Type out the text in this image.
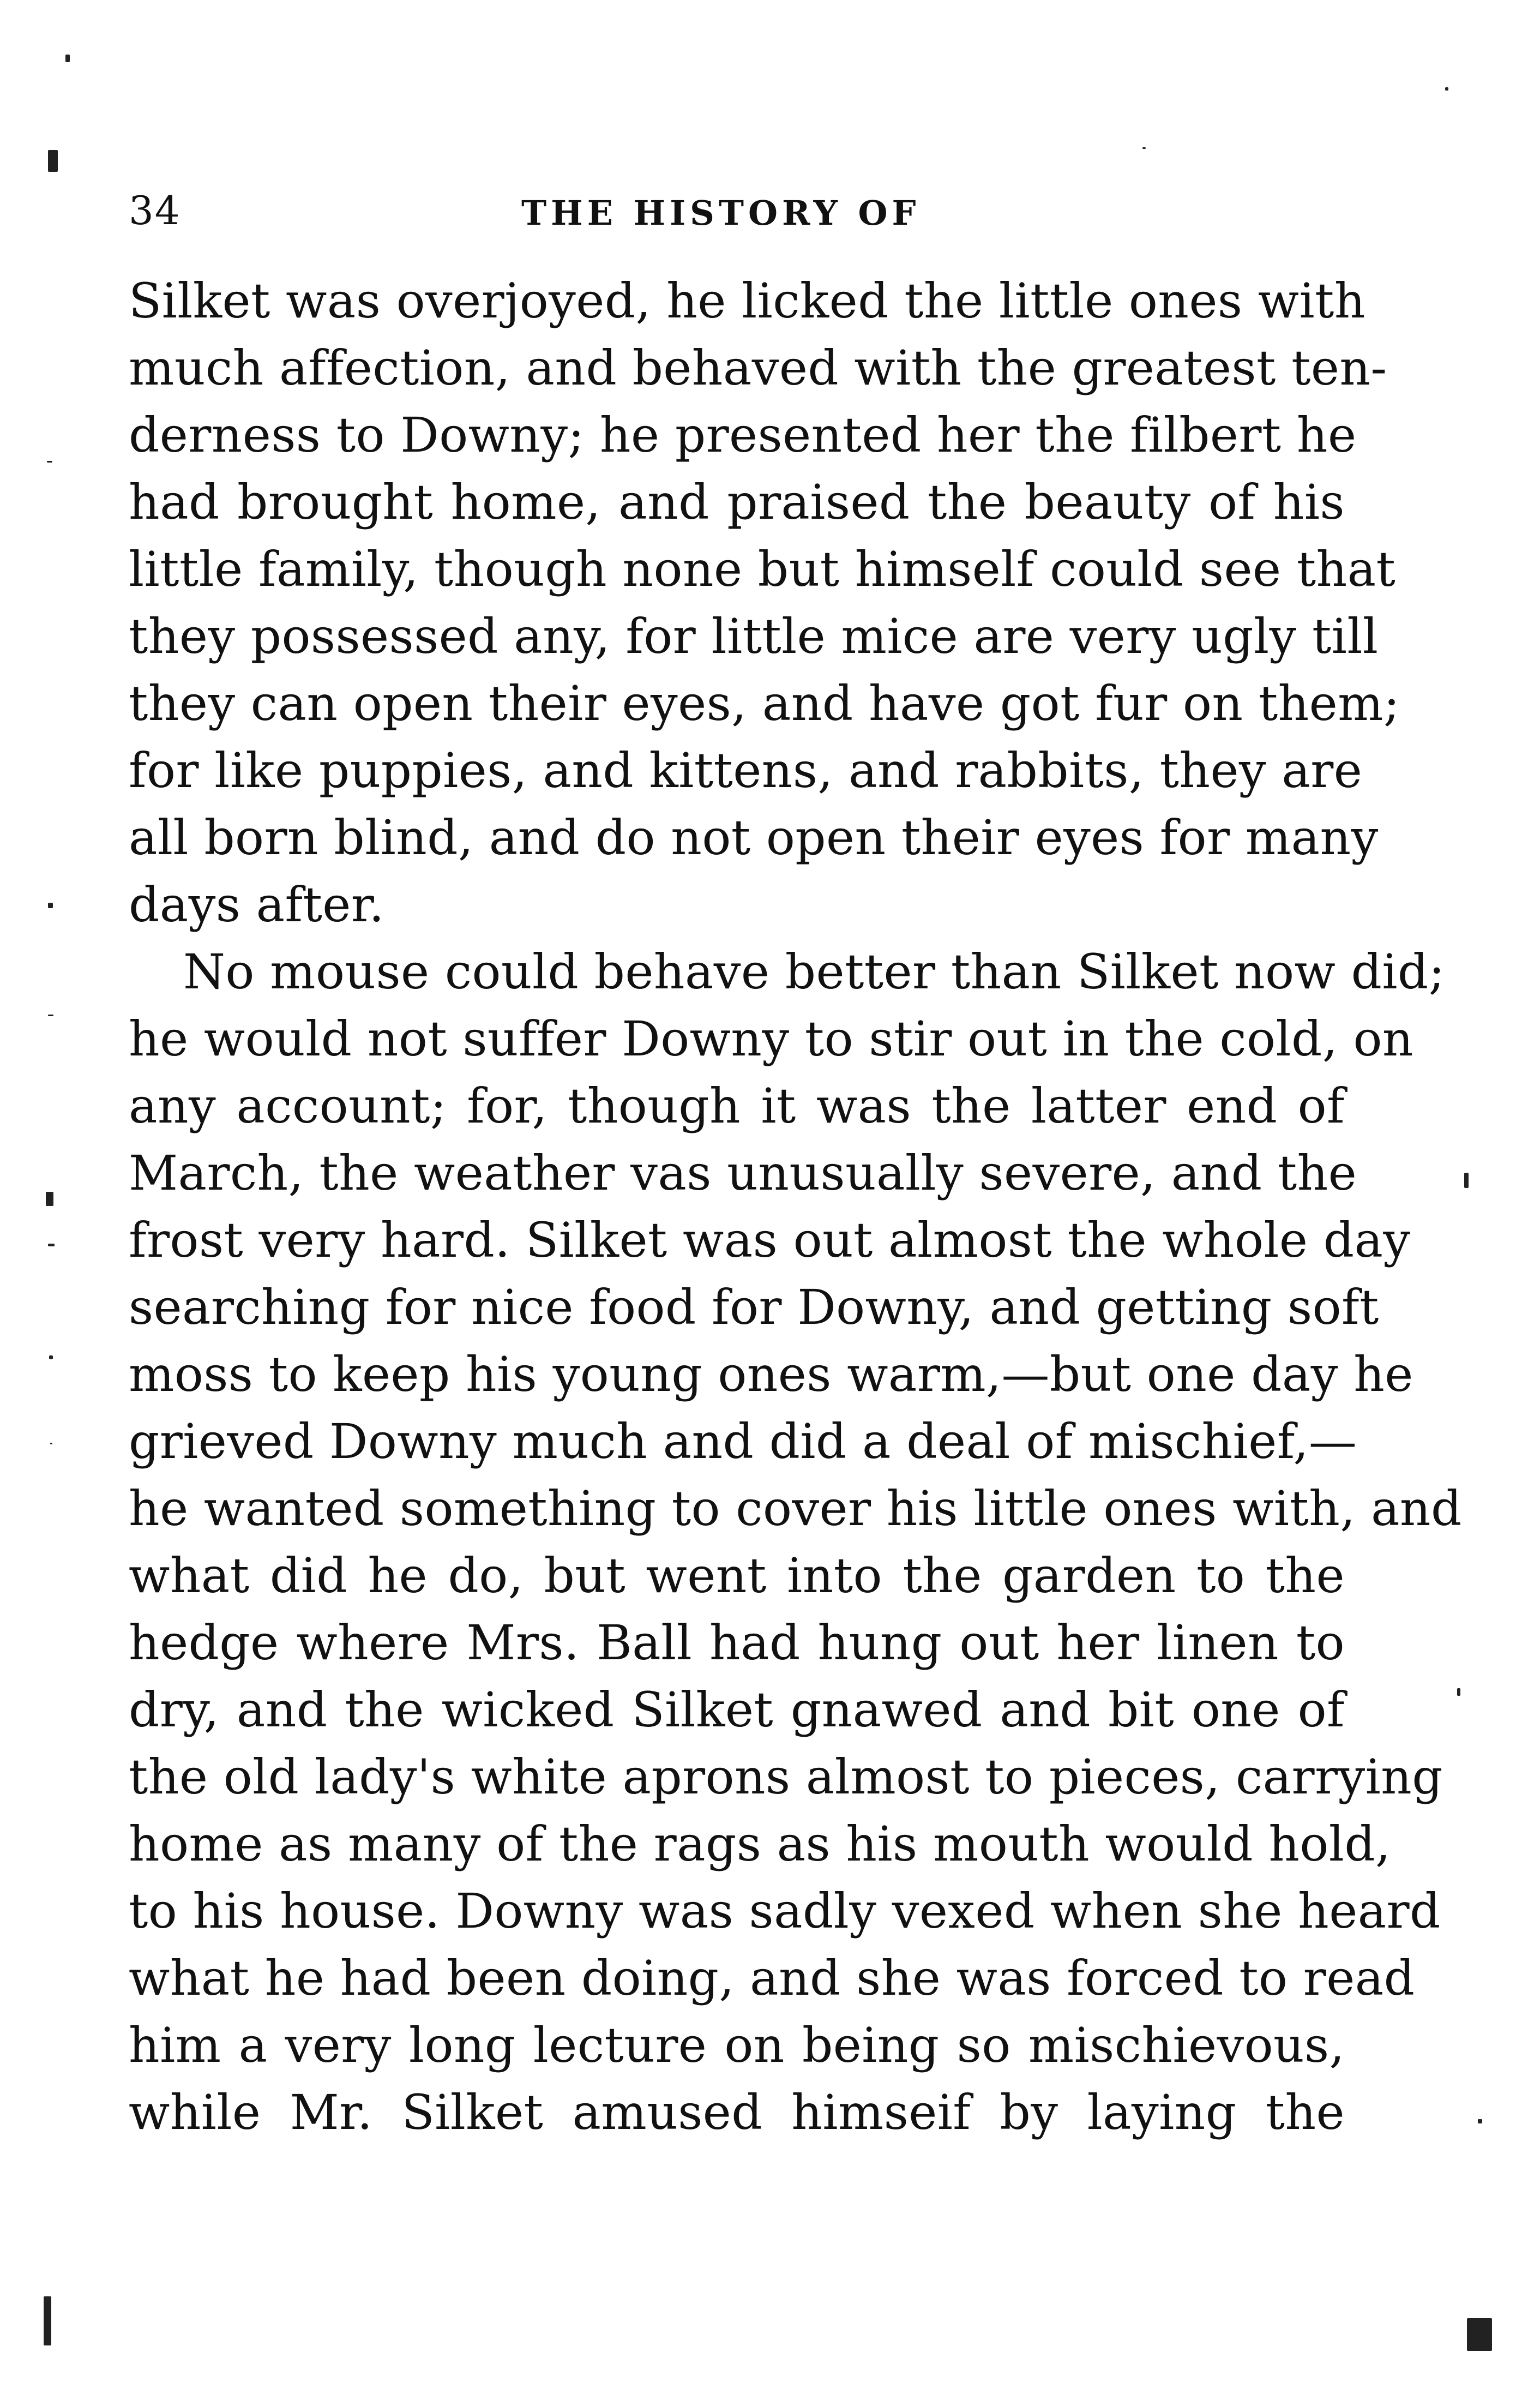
34	THE HISTORY OF
Silket was overjoyed, he licked the little ones with
much affection, and behaved with the greatest ten-
derness to Downy; he presented her the filbert he
had brought home, and praised the beauty of his
little family, though none but himself could see that
they possessed any, for little mice are very ugly till
they can open their eyes, and have got fur on them;
for like puppies, and kittens, and rabbits, they are
all born blind, and do not open their eyes for many
days after.
No mouse could behave better than Silket now did;
he would not suffer Downy to stir out in the cold, on
any account; for, though it was the latter end of
March, the weather vas unusually severe, and the
frost very hard. Silket was out almost the whole day
searching for nice food for Downy, and getting soft
moss to keep his young ones warm,—but one day he
grieved Downy much and did a deal of mischief,—
he wanted something to cover his little ones with, and
what did he do, but went into the garden to the
hedge where Mrs. Ball had hung out her linen to
dry, and the wicked Silket gnawed and bit one of
the old lady's white aprons almost to pieces, carrying
home as many of the rags as his mouth would hold,
to his house. Downy was sadly vexed when she heard
what he had been doing, and she was forced to read
him a very long lecture on being so mischievous,
while Mr. Silket amused himseif by laying the
